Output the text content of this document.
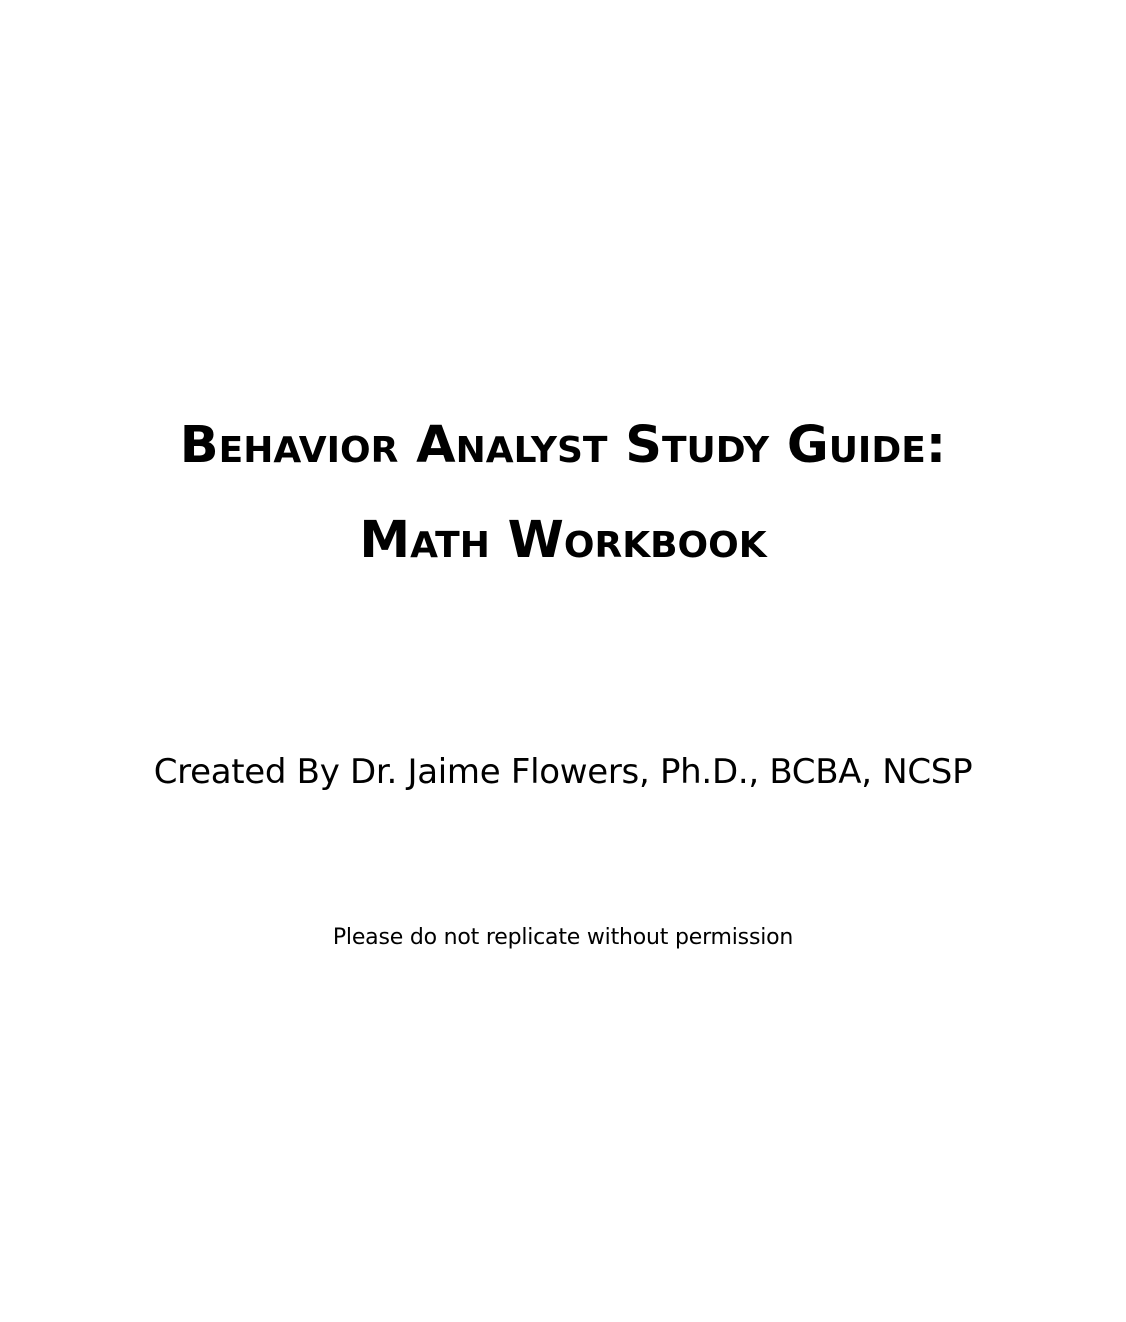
Behavior Analyst Study Guide:
Math Workbook
Created By Dr. Jaime Flowers, Ph.D., BCBA, NCSP
Please do not replicate without permission
